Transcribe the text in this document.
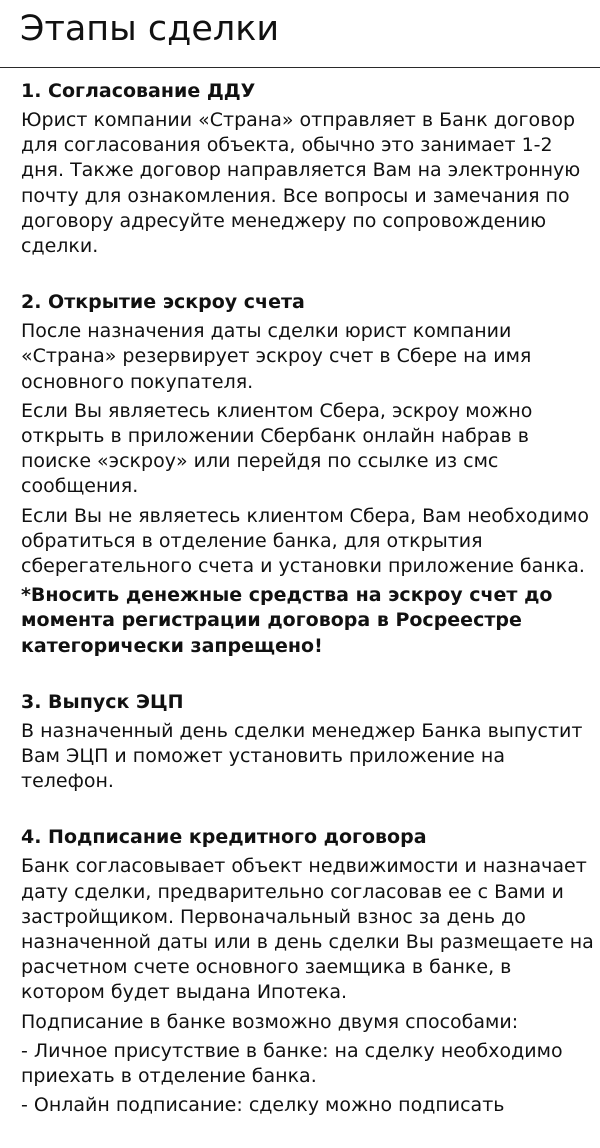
Этапы сделки
1. Согласование ДДУ

Юрист компании «Страна» отправляет в Банк договор
для согласования объекта, обычно это занимает 1-2
дня. Также договор направляется Вам на электронную
почту для ознакомления. Все вопросы и замечания по
договору адресуйте менеджеру по сопровождению
сделки.

2. Открытие эскроу счета

После назначения даты сделки юрист компании
«Страна» резервирует эскроу счет в Сбере на имя
основного покупателя.

Если Вы являетесь клиентом Сбера, эскроу можно
открыть в приложении Сбербанк онлайн набрав в
поиске «эскроу» или перейдя по ссылке из смс
сообщения.

Если Вы не являетесь клиентом Сбера, Вам необходимо
обратиться в отделение банка, для открытия
сберегательного счета и установки приложение банка.

*Вносить денежные средства на эскроу счет до
момента регистрации договора в Росреестре
категорически запрещено!

3. Выпуск ЭЦП

В назначенный день сделки менеджер Банка выпустит
Вам ЭЦП и поможет установить приложение на
телефон.

4. Подписание кредитного договора

Банк согласовывает объект недвижимости и назначает
дату сделки, предварительно согласовав ее с Вами и
застройщиком. Первоначальный взнос за день до
назначенной даты или в день сделки Вы размещаете на
расчетном счете основного заемщика в банке, в
котором будет выдана Ипотека.

Подписание в банке возможно двумя способами:

- Личное присутствие в банке: на сделку необходимо
приехать в отделение банка.

- Онлайн подписание: сделку можно подписать
